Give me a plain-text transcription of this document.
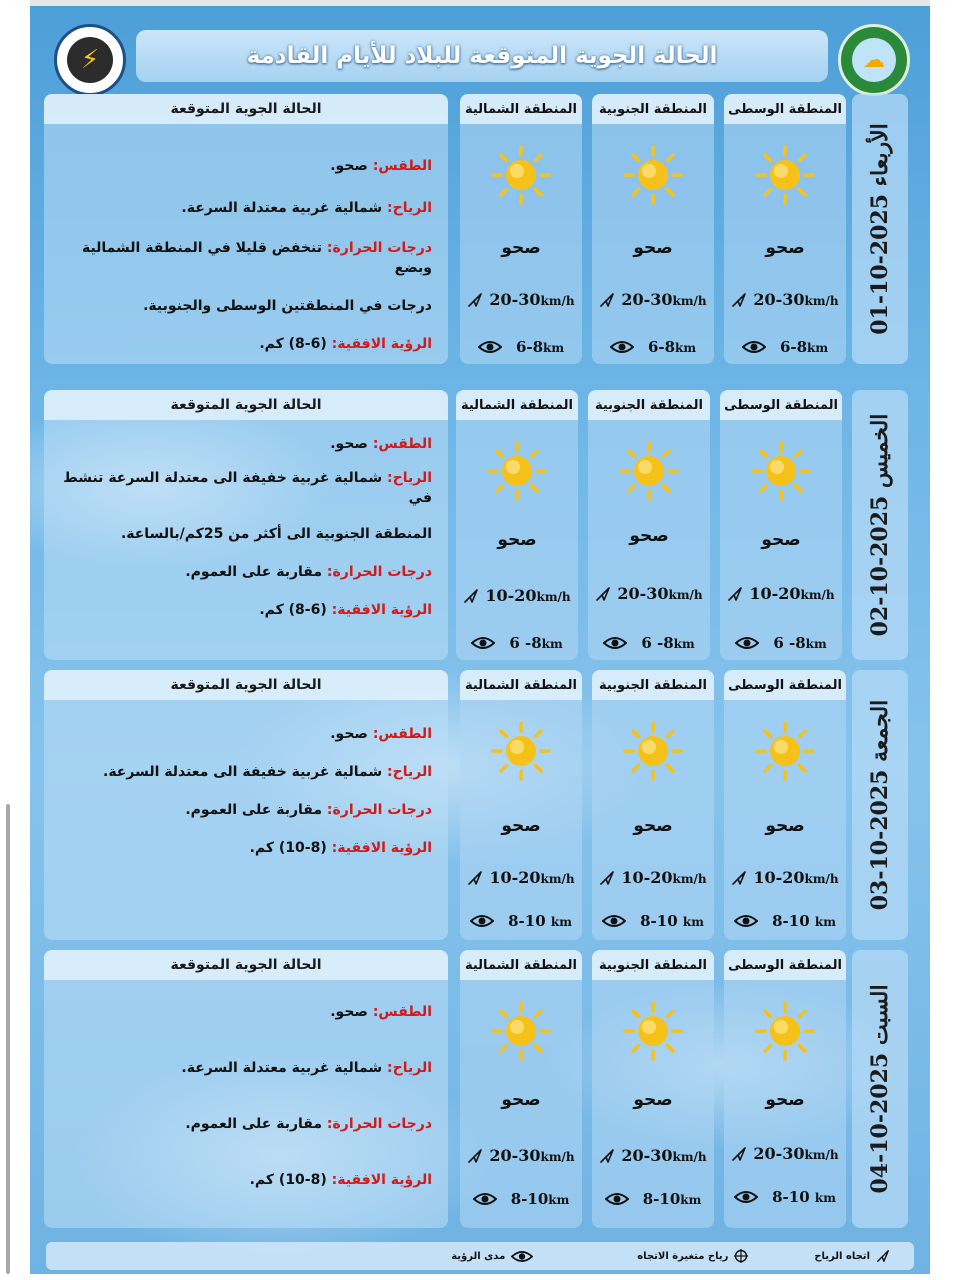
⚡	☁
الحالة الجوية المتوقعة للبلاد للأيام القادمة
الحالة الجوية المتوقعة
الطقس: صحو.
الرياح: شمالية غربية معتدلة السرعة.
درجات الحرارة: تنخفض قليلا في المنطقة الشمالية وبضع
درجات في المنطقتين الوسطى والجنوبية.
الرؤية الافقية: (6-8) كم.
المنطقة الشمالية
صحو
20-30km/h
6-8km
المنطقة الجنوبية
صحو
20-30km/h
6-8km
المنطقة الوسطى
صحو
20-30km/h
6-8km
الأربعاء 2025-10-01
الحالة الجوية المتوقعة
الطقس: صحو.
الرياح: شمالية غربية خفيفة الى معتدلة السرعة تنشط في
المنطقة الجنوبية الى أكثر من 25كم/بالساعة.
درجات الحرارة: مقاربة على العموم.
الرؤية الافقية: (6-8) كم.
المنطقة الشمالية
صحو
10-20km/h
6 -8km
المنطقة الجنوبية
صحو
20-30km/h
6 -8km
المنطقة الوسطى
صحو
10-20km/h
6 -8km
الخميس 2025-10-02
الحالة الجوية المتوقعة
الطقس: صحو.
الرياح: شمالية غربية خفيفة الى معتدلة السرعة.
درجات الحرارة: مقاربة على العموم.
الرؤية الافقية: (8-10) كم.
المنطقة الشمالية
صحو
10-20km/h
8-10 km
المنطقة الجنوبية
صحو
10-20km/h
8-10 km
المنطقة الوسطى
صحو
10-20km/h
8-10 km
الجمعة 2025-10-03
الحالة الجوية المتوقعة
الطقس: صحو.
الرياح: شمالية غربية معتدلة السرعة.
درجات الحرارة: مقاربة على العموم.
الرؤية الافقية: (8-10) كم.
المنطقة الشمالية
صحو
20-30km/h
8-10km
المنطقة الجنوبية
صحو
20-30km/h
8-10km
المنطقة الوسطى
صحو
20-30km/h
8-10 km
السبت 2025-10-04
اتجاه الرياح
رياح متغيرة الاتجاه
مدى الرؤية
